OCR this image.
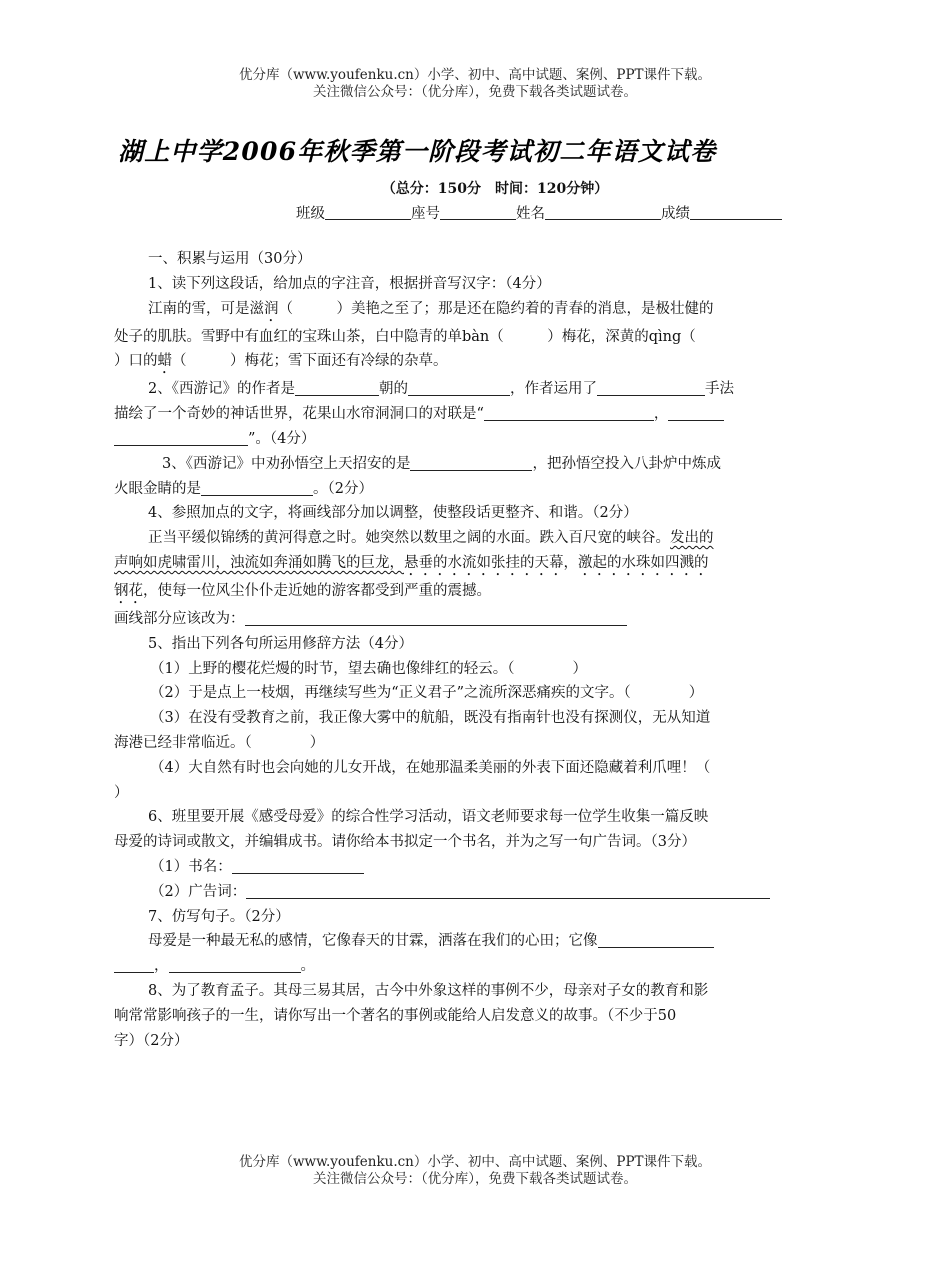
优分库（www.youfenku.cn）小学、初中、高中试题、案例、PPT课件下载。
关注微信公众号：（优分库），免费下载各类试题试卷。
湖上中学2006年秋季第一阶段考试初二年语文试卷
（总分：150分　时间：120分钟）
班级	座号	姓名	成绩

一、积累与运用（30分）

1、读下列这段话，给加点的字注音，根据拼音写汉字：（4分）

江南的雪，可是滋润（　　　）美艳之至了；那是还在隐约着的青春的消息，是极壮健的

处子的肌肤。雪野中有血红的宝珠山茶，白中隐青的单bàn（　　　）梅花，深黄的qìng（

）口的蜡（　　　）梅花；雪下面还有冷绿的杂草。

2、《西游记》的作者是	朝的	，作者运用了	手法

描绘了一个奇妙的神话世界，花果山水帘洞洞口的对联是“	，

”。（4分）

3、《西游记》中劝孙悟空上天招安的是	，把孙悟空投入八卦炉中炼成

火眼金睛的是	。（2分）

4、参照加点的文字，将画线部分加以调整，使整段话更整齐、和谐。（2分）

正当平缓似锦绣的黄河得意之时。她突然以数里之阔的水面。跌入百尺宽的峡谷。发出的

声响如虎啸雷川，浊流如奔涌如腾飞的巨龙，悬垂的水流如张挂的天幕，激起的水珠如四溅的

钢花，使每一位风尘仆仆走近她的游客都受到严重的震撼。

画线部分应该改为：

5、指出下列各句所运用修辞方法（4分）

（1）上野的樱花烂熳的时节，望去确也像绯红的轻云。（　　　　）

（2）于是点上一枝烟，再继续写些为“正义君子”之流所深恶痛疾的文字。（　　　　）

（3）在没有受教育之前，我正像大雾中的航船，既没有指南针也没有探测仪，无从知道

海港已经非常临近。（　　　　）

（4）大自然有时也会向她的儿女开战，在她那温柔美丽的外表下面还隐藏着利爪哩！（

）

6、班里要开展《感受母爱》的综合性学习活动，语文老师要求每一位学生收集一篇反映

母爱的诗词或散文，并编辑成书。请你给本书拟定一个书名，并为之写一句广告词。（3分）

（1）书名：

（2）广告词：

7、仿写句子。（2分）

母爱是一种最无私的感情，它像春天的甘霖，洒落在我们的心田；它像

，	。

8、为了教育孟子。其母三易其居，古今中外象这样的事例不少，母亲对子女的教育和影

响常常影响孩子的一生，请你写出一个著名的事例或能给人启发意义的故事。（不少于50

字）（2分）

优分库（www.youfenku.cn）小学、初中、高中试题、案例、PPT课件下载。
关注微信公众号：（优分库），免费下载各类试题试卷。
